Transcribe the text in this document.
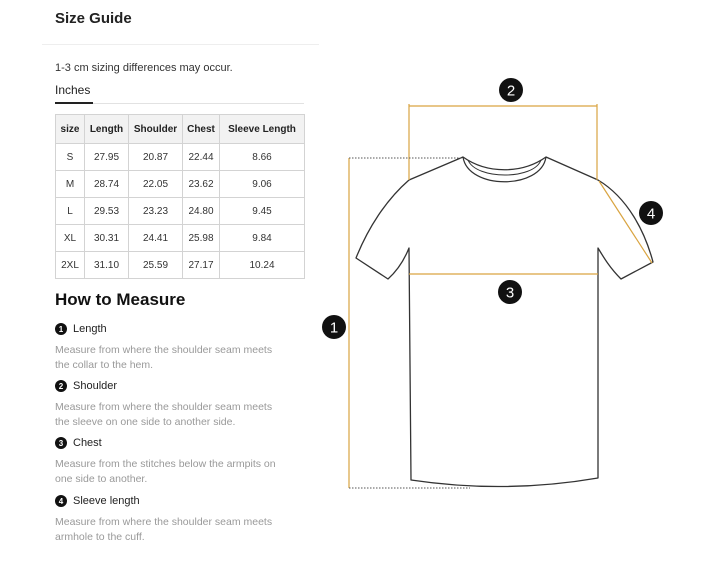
Size Guide
1-3 cm sizing differences may occur.
Inches
size	Length	Shoulder	Chest	Sleeve Length
S	27.95	20.87	22.44	8.66
M	28.74	22.05	23.62	9.06
L	29.53	23.23	24.80	9.45
XL	30.31	24.41	25.98	9.84
2XL	31.10	25.59	27.17	10.24
How to Measure
1 Length
Measure from where the shoulder seam meets
the collar to the hem.
2 Shoulder
Measure from where the shoulder seam meets
the sleeve on one side to another side.
3 Chest
Measure from the stitches below the armpits on
one side to another.
4 Sleeve length
Measure from where the shoulder seam meets
armhole to the cuff.
2
3
1
4
